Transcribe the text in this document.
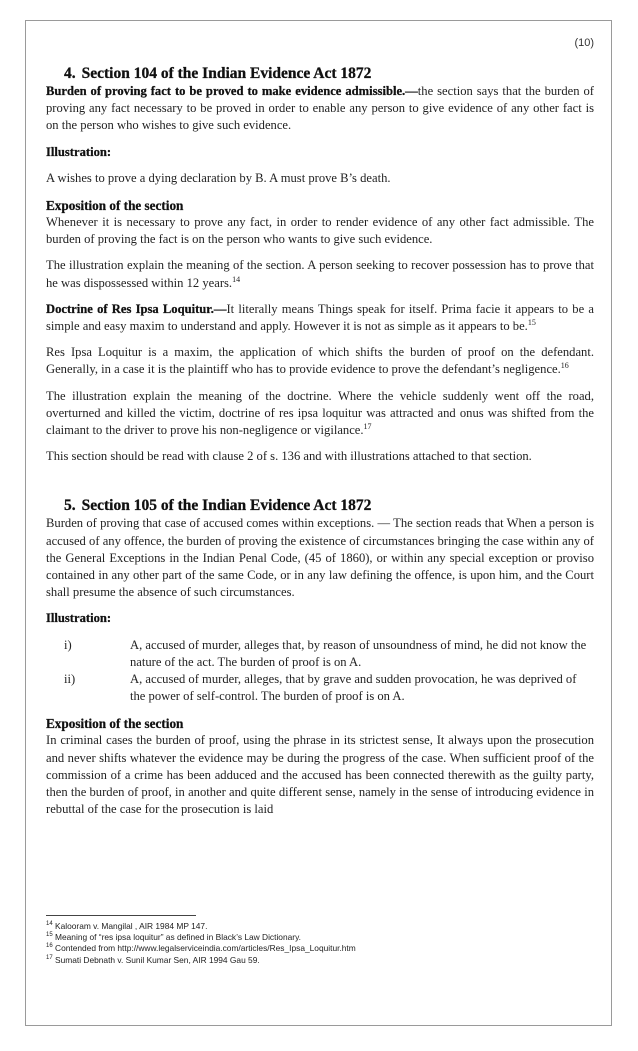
(10)
4. Section 104 of the Indian Evidence Act 1872

Burden of proving fact to be proved to make evidence admissible.—the section says that the burden of proving any fact necessary to be proved in order to enable any person to give evidence of any other fact is on the person who wishes to give such evidence.

Illustration:

A wishes to prove a dying declaration by B. A must prove B’s death.

Exposition of the section

Whenever it is necessary to prove any fact, in order to render evidence of any other fact admissible. The burden of proving the fact is on the person who wants to give such evidence.

The illustration explain the meaning of the section. A person seeking to recover possession has to prove that he was dispossessed within 12 years.$^{14}$

Doctrine of Res Ipsa Loquitur.—It literally means Things speak for itself. Prima facie it appears to be a simple and easy maxim to understand and apply. However it is not as simple as it appears to be.$^{15}$

Res Ipsa Loquitur is a maxim, the application of which shifts the burden of proof on the defendant. Generally, in a case it is the plaintiff who has to provide evidence to prove the defendant’s negligence.$^{16}$

The illustration explain the meaning of the doctrine. Where the vehicle suddenly went off the road, overturned and killed the victim, doctrine of res ipsa loquitur was attracted and onus was shifted from the claimant to the driver to prove his non-negligence or vigilance.$^{17}$

This section should be read with clause 2 of s. 136 and with illustrations attached to that section.

5. Section 105 of the Indian Evidence Act 1872

Burden of proving that case of accused comes within exceptions. — The section reads that When a person is accused of any offence, the burden of proving the existence of circumstances bringing the case within any of the General Exceptions in the Indian Penal Code, (45 of 1860), or within any special exception or proviso contained in any other part of the same Code, or in any law defining the offence, is upon him, and the Court shall presume the absence of such circumstances.

Illustration:

i)	A, accused of murder, alleges that, by reason of unsoundness of mind, he did not know the nature of the act. The burden of proof is on A.
ii)	A, accused of murder, alleges, that by grave and sudden provocation, he was deprived of the power of self-control. The burden of proof is on A.
Exposition of the section

In criminal cases the burden of proof, using the phrase in its strictest sense, It always upon the prosecution and never shifts whatever the evidence may be during the progress of the case. When sufficient proof of the commission of a crime has been adduced and the accused has been connected therewith as the guilty party, then the burden of proof, in another and quite different sense, namely in the sense of introducing evidence in rebuttal of the case for the prosecution is laid

$^{14}$ Kalooram v. Mangilal , AIR 1984 MP 147.
$^{15}$ Meaning of “res ipsa loquitur” as defined in Black’s Law Dictionary.
$^{16}$ Contended from http://www.legalserviceindia.com/articles/Res_Ipsa_Loquitur.htm
$^{17}$ Sumati Debnath v. Sunil Kumar Sen, AIR 1994 Gau 59.
